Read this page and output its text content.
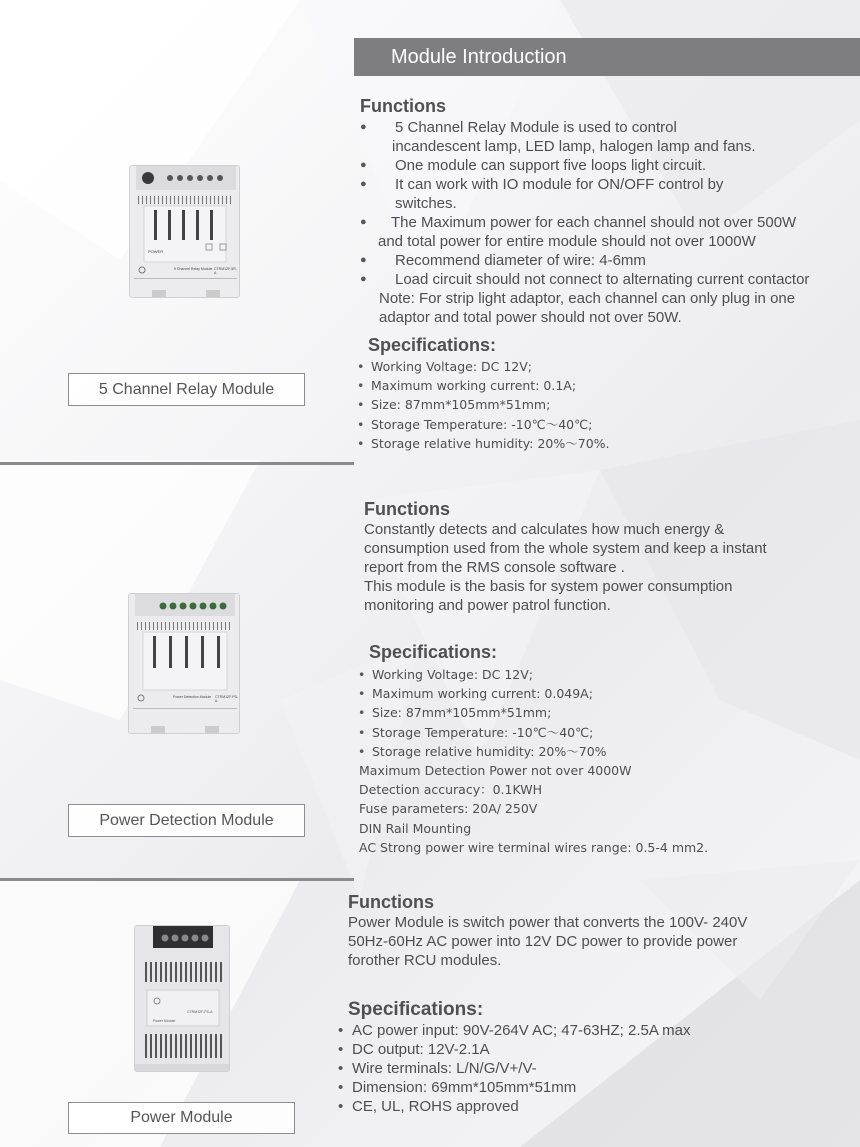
Module Introduction
POWER
5 Channel Relay Module CTRM12F-5R-A
5 Channel Relay Module
Functions
● 5 Channel Relay Module is used to control
incandescent lamp, LED lamp, halogen lamp and fans.
● One module can support five loops light circuit.
● It can work with IO module for ON/OFF control by
switches.
● The Maximum power for each channel should not over 500W
and total power for entire module should not over 1000W
● Recommend diameter of wire: 4-6mm
● Load circuit should not connect to alternating current contactor
Note: For strip light adaptor, each channel can only plug in one
adaptor and total power should not over 50W.
Specifications:
• Working Voltage: DC 12V;
• Maximum working current: 0.1A;
• Size: 87mm*105mm*51mm;
• Storage Temperature: -10℃～40℃;
• Storage relative humidity: 20%～70%.
Power Detection Module CTRM12F-PD-A
Power Detection Module
Functions
Constantly detects and calculates how much energy &
consumption used from the whole system and keep a instant
report from the RMS console software .
This module is the basis for system power consumption
monitoring and power patrol function.
Specifications:
• Working Voltage: DC 12V;
• Maximum working current: 0.049A;
• Size: 87mm*105mm*51mm;
• Storage Temperature: -10℃～40℃;
• Storage relative humidity: 20%～70%
Maximum Detection Power not over 4000W
Detection accuracy：0.1KWH
Fuse parameters: 20A/ 250V
DIN Rail Mounting
AC Strong power wire terminal wires range: 0.5-4 mm2.
Power Module
CTRM12F-PS-A
Power Module
Functions
Power Module is switch power that converts the 100V- 240V
50Hz-60Hz AC power into 12V DC power to provide power
forother RCU modules.
Specifications:
• AC power input: 90V-264V AC; 47-63HZ; 2.5A max
• DC output: 12V-2.1A
• Wire terminals: L/N/G/V+/V-
• Dimension: 69mm*105mm*51mm
• CE, UL, ROHS approved
